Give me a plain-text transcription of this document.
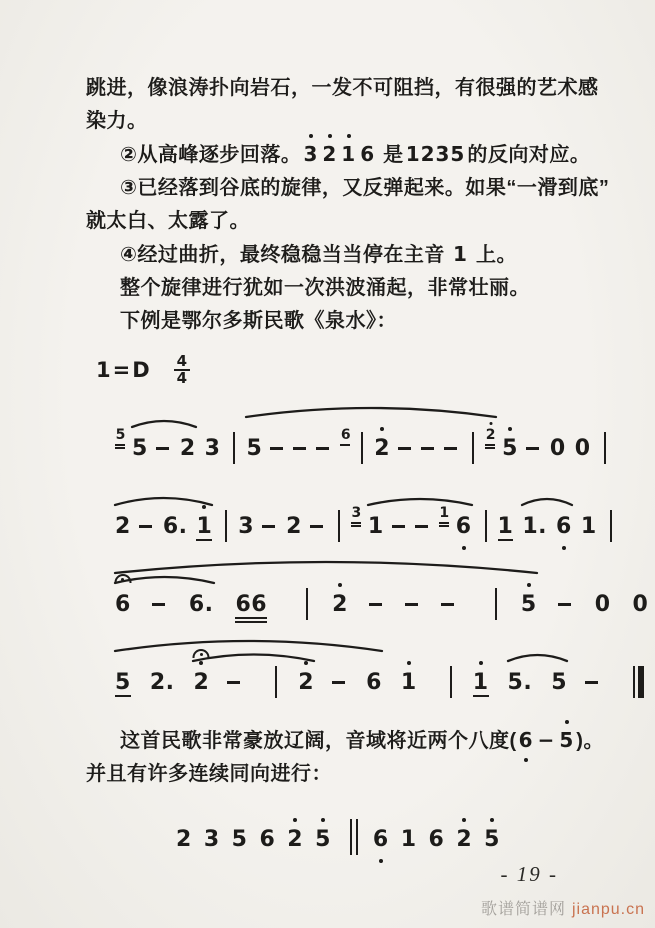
跳进，像浪涛扑向岩石，一发不可阻挡，有很强的艺术感
染力。
②从高峰逐步回落。 3 2 1 6 是 1235 的反向对应。
③已经落到谷底的旋律，又反弹起来。如果“一滑到底”
就太白、太露了。
④经过曲折，最终稳稳当当停在主音 1 上。
整个旋律进行犹如一次洪波涌起，非常壮丽。
下例是鄂尔多斯民歌《泉水》：
$1=D \frac{4}{4}$
5
5 2 3 5
6
2
2
5 0 0
2 6. 1 3 2
3
1
1
6 1 1. 6 1
6	6. 66	2	5	0 0
5 2. 2	2 6 1	1 5. 5
这首民歌非常豪放辽阔，音域将近两个八度( 6 − 5 )。
并且有许多连续同向进行：
2 3 5 6 2 5 6 1 6 2 5
- 19 -
歌谱简谱网 jianpu.cn
